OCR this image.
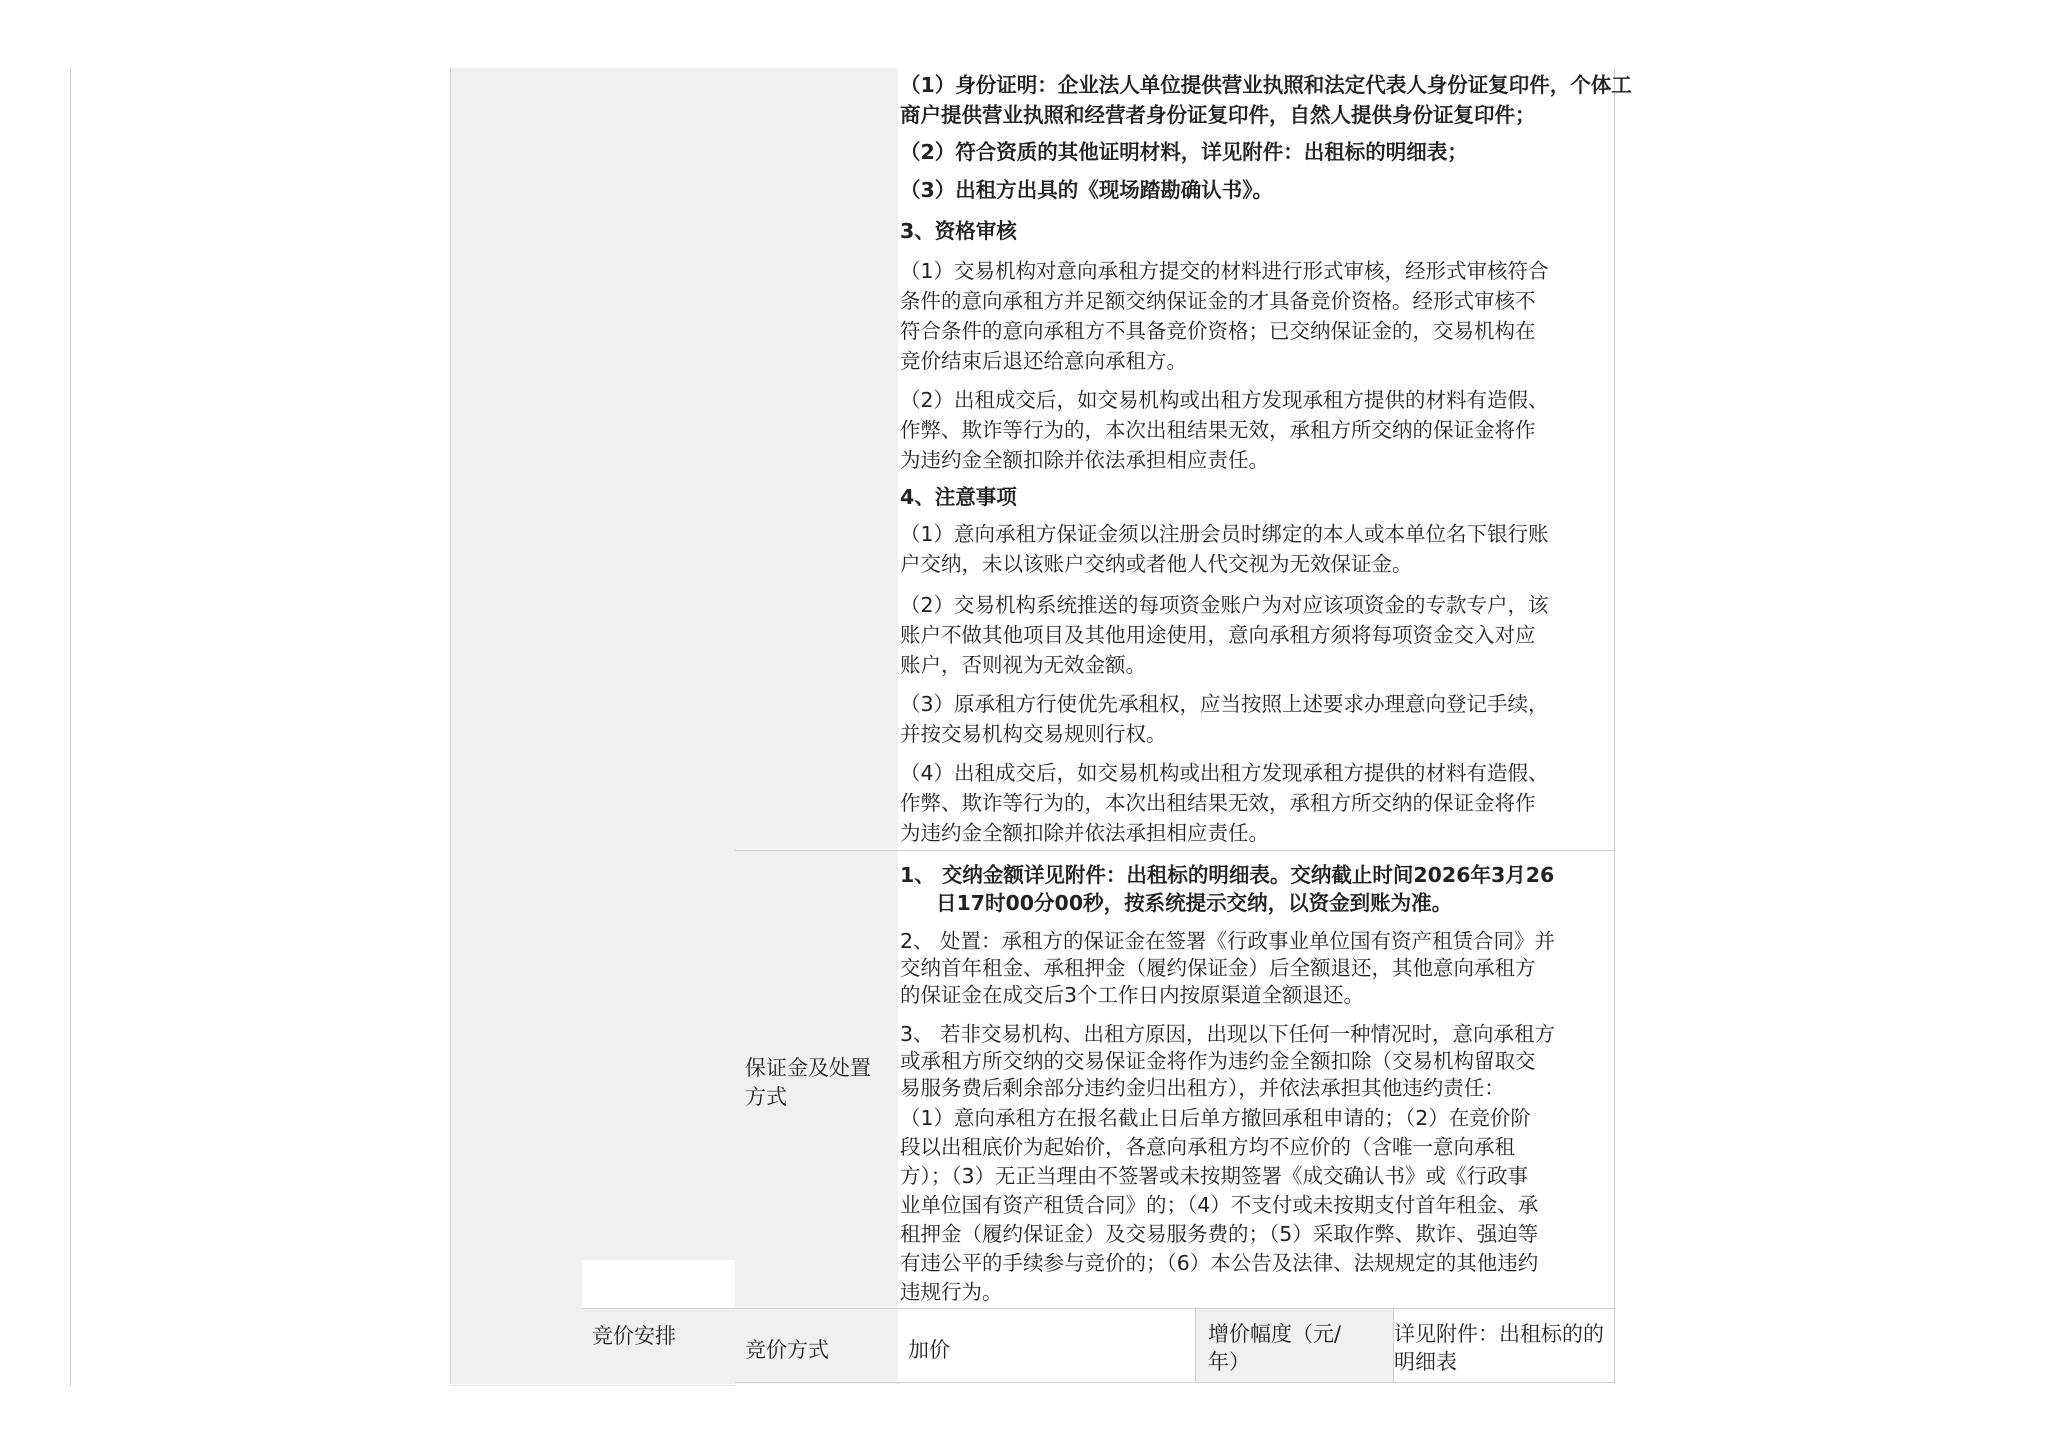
（1）身份证明：企业法人单位提供营业执照和法定代表人身份证复印件，个体工
商户提供营业执照和经营者身份证复印件，自然人提供身份证复印件；
（2）符合资质的其他证明材料，详见附件：出租标的明细表；
（3）出租方出具的《现场踏勘确认书》。
3、资格审核
（1）交易机构对意向承租方提交的材料进行形式审核，经形式审核符合
条件的意向承租方并足额交纳保证金的才具备竞价资格。经形式审核不
符合条件的意向承租方不具备竞价资格；已交纳保证金的，交易机构在
竞价结束后退还给意向承租方。
（2）出租成交后，如交易机构或出租方发现承租方提供的材料有造假、
作弊、欺诈等行为的，本次出租结果无效，承租方所交纳的保证金将作
为违约金全额扣除并依法承担相应责任。
4、注意事项
（1）意向承租方保证金须以注册会员时绑定的本人或本单位名下银行账
户交纳，未以该账户交纳或者他人代交视为无效保证金。
（2）交易机构系统推送的每项资金账户为对应该项资金的专款专户，该
账户不做其他项目及其他用途使用，意向承租方须将每项资金交入对应
账户，否则视为无效金额。
（3）原承租方行使优先承租权，应当按照上述要求办理意向登记手续，
并按交易机构交易规则行权。
（4）出租成交后，如交易机构或出租方发现承租方提供的材料有造假、
作弊、欺诈等行为的，本次出租结果无效，承租方所交纳的保证金将作
为违约金全额扣除并依法承担相应责任。
保证金及处置
方式
1、 交纳金额详见附件：出租标的明细表。交纳截止时间2026年3月26
日17时00分00秒，按系统提示交纳，以资金到账为准。
2、 处置：承租方的保证金在签署《行政事业单位国有资产租赁合同》并
交纳首年租金、承租押金（履约保证金）后全额退还，其他意向承租方
的保证金在成交后3个工作日内按原渠道全额退还。
3、 若非交易机构、出租方原因，出现以下任何一种情况时，意向承租方
或承租方所交纳的交易保证金将作为违约金全额扣除（交易机构留取交
易服务费后剩余部分违约金归出租方），并依法承担其他违约责任：
（1）意向承租方在报名截止日后单方撤回承租申请的；（2）在竞价阶
段以出租底价为起始价，各意向承租方均不应价的（含唯一意向承租
方）；（3）无正当理由不签署或未按期签署《成交确认书》或《行政事
业单位国有资产租赁合同》的；（4）不支付或未按期支付首年租金、承
租押金（履约保证金）及交易服务费的；（5）采取作弊、欺诈、强迫等
有违公平的手续参与竞价的；（6）本公告及法律、法规规定的其他违约
违规行为。
竞价安排
竞价方式	加价
增价幅度（元/
年）
详见附件：出租标的的
明细表
